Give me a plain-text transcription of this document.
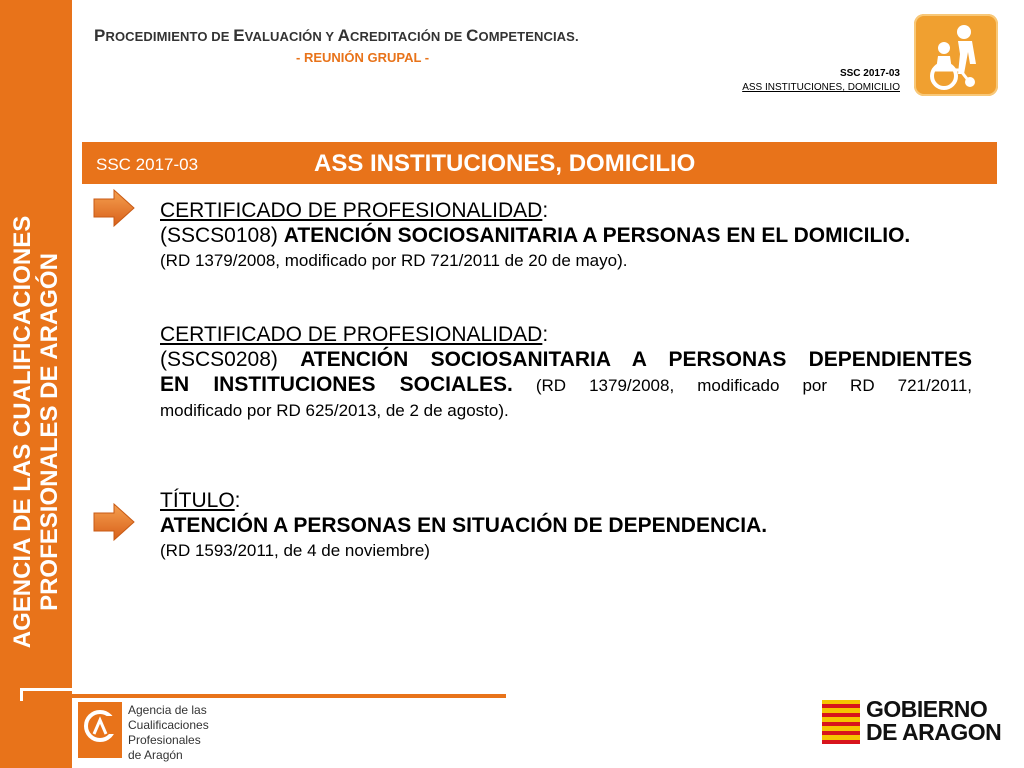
AGENCIA DE LAS CUALIFICACIONES PROFESIONALES DE ARAGÓN
PROCEDIMIENTO DE EVALUACIÓN Y ACREDITACIÓN DE COMPETENCIAS.
- REUNIÓN GRUPAL -
SSC 2017-03
ASS INSTITUCIONES, DOMICILIO
SSC 2017-03	ASS INSTITUCIONES, DOMICILIO
CERTIFICADO DE PROFESIONALIDAD:
(SSCS0108) ATENCIÓN SOCIOSANITARIA A PERSONAS EN EL DOMICILIO.
(RD 1379/2008, modificado por RD 721/2011 de 20 de mayo).
CERTIFICADO DE PROFESIONALIDAD:
(SSCS0208) ATENCIÓN SOCIOSANITARIA A PERSONAS DEPENDIENTES
EN INSTITUCIONES SOCIALES. (RD 1379/2008, modificado por RD 721/2011,
modificado por RD 625/2013, de 2 de agosto).
TÍTULO:
ATENCIÓN A PERSONAS EN SITUACIÓN DE DEPENDENCIA.
(RD 1593/2011, de 4 de noviembre)
Agencia de las
Cualificaciones
Profesionales
de Aragón
GOBIERNO
DE ARAGON
